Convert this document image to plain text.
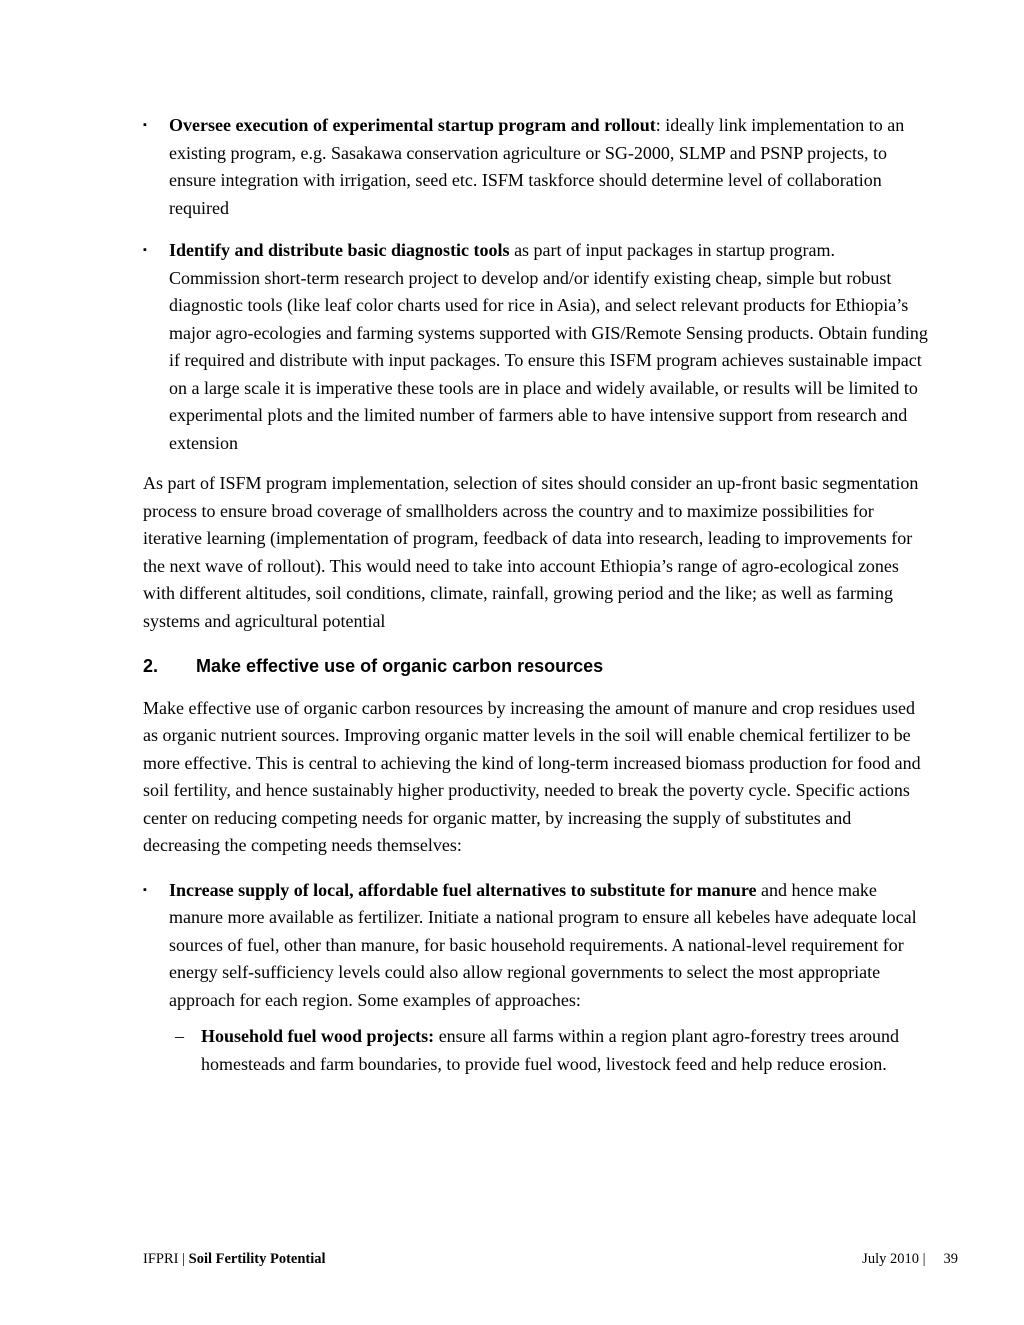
▪	Oversee execution of experimental startup program and rollout: ideally link implementation to an existing program, e.g. Sasakawa conservation agriculture or SG-2000, SLMP and PSNP projects, to ensure integration with irrigation, seed etc. ISFM taskforce should determine level of collaboration required
▪	Identify and distribute basic diagnostic tools as part of input packages in startup program. Commission short-term research project to develop and/or identify existing cheap, simple but robust diagnostic tools (like leaf color charts used for rice in Asia), and select relevant products for Ethiopia’s major agro-ecologies and farming systems supported with GIS/Remote Sensing products. Obtain funding if required and distribute with input packages. To ensure this ISFM program achieves sustainable impact on a large scale it is imperative these tools are in place and widely available, or results will be limited to experimental plots and the limited number of farmers able to have intensive support from research and extension

As part of ISFM program implementation, selection of sites should consider an up-front basic segmentation process to ensure broad coverage of smallholders across the country and to maximize possibilities for iterative learning (implementation of program, feedback of data into research, leading to improvements for the next wave of rollout). This would need to take into account Ethiopia’s range of agro-ecological zones with different altitudes, soil conditions, climate, rainfall, growing period and the like; as well as farming systems and agricultural potential

2.	Make effective use of organic carbon resources

Make effective use of organic carbon resources by increasing the amount of manure and crop residues used as organic nutrient sources. Improving organic matter levels in the soil will enable chemical fertilizer to be more effective. This is central to achieving the kind of long-term increased biomass production for food and soil fertility, and hence sustainably higher productivity, needed to break the poverty cycle. Specific actions center on reducing competing needs for organic matter, by increasing the supply of substitutes and decreasing the competing needs themselves:

▪	Increase supply of local, affordable fuel alternatives to substitute for manure and hence make manure more available as fertilizer. Initiate a national program to ensure all kebeles have adequate local sources of fuel, other than manure, for basic household requirements. A national-level requirement for energy self-sufficiency levels could also allow regional governments to select the most appropriate approach for each region. Some examples of approaches:
– Household fuel wood projects: ensure all farms within a region plant agro-forestry trees around homesteads and farm boundaries, to provide fuel wood, livestock feed and help reduce erosion.
IFPRI | Soil Fertility Potential	July 2010 | 39
